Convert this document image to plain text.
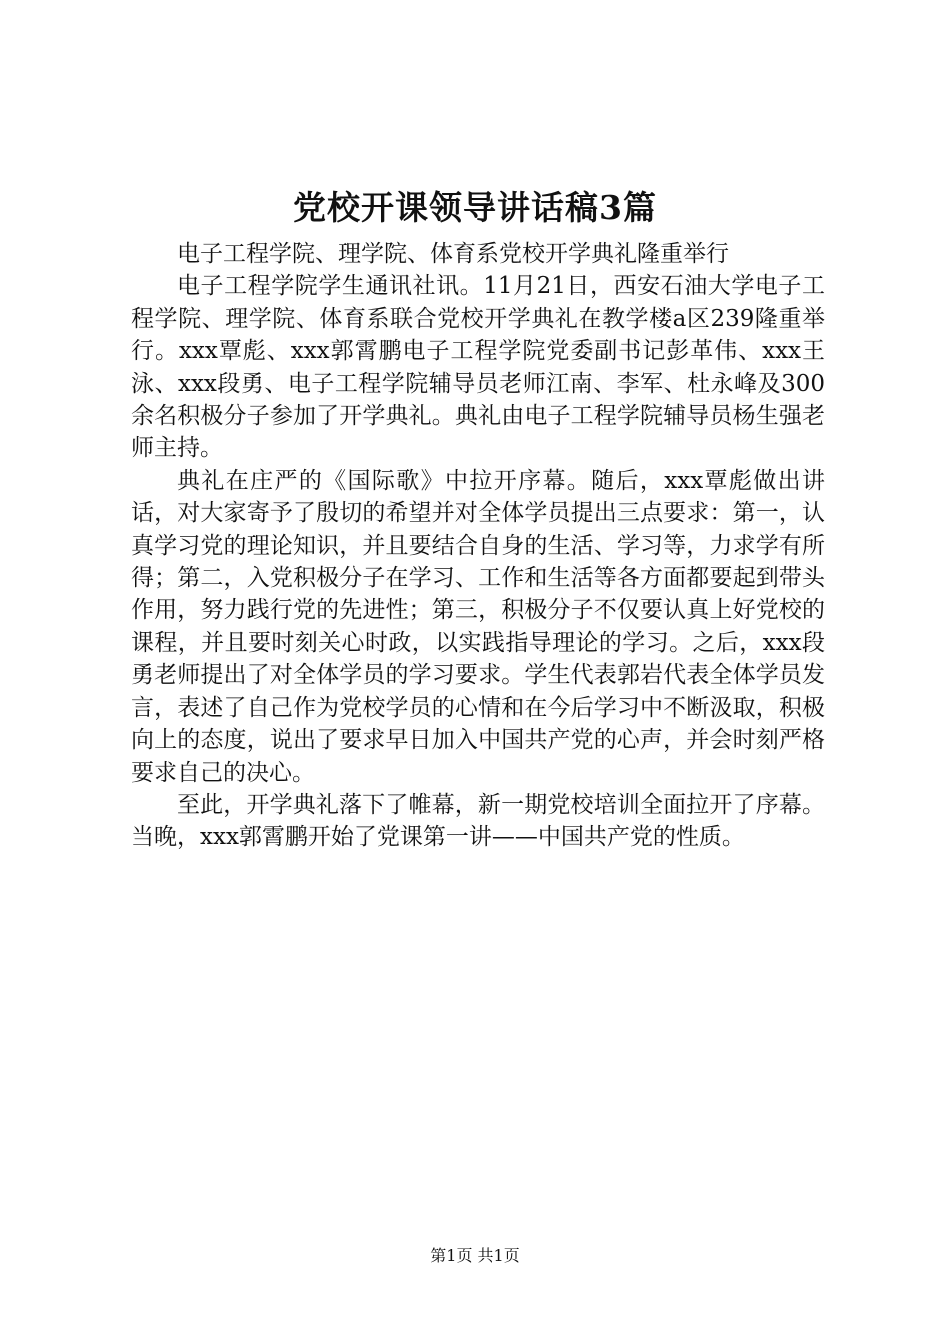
党校开课领导讲话稿3篇

电子工程学院、理学院、体育系党校开学典礼隆重举行

电子工程学院学生通讯社讯。11月21日，西安石油大学电子工程学院、理学院、体育系联合党校开学典礼在教学楼a区239隆重举行。xxx覃彪、xxx郭霄鹏电子工程学院党委副书记彭革伟、xxx王泳、xxx段勇、电子工程学院辅导员老师江南、李军、杜永峰及300余名积极分子参加了开学典礼。典礼由电子工程学院辅导员杨生强老师主持。

典礼在庄严的《国际歌》中拉开序幕。随后，xxx覃彪做出讲话，对大家寄予了殷切的希望并对全体学员提出三点要求：第一，认真学习党的理论知识，并且要结合自身的生活、学习等，力求学有所得；第二，入党积极分子在学习、工作和生活等各方面都要起到带头作用，努力践行党的先进性；第三，积极分子不仅要认真上好党校的课程，并且要时刻关心时政，以实践指导理论的学习。之后，xxx段勇老师提出了对全体学员的学习要求。学生代表郭岩代表全体学员发言，表述了自己作为党校学员的心情和在今后学习中不断汲取，积极向上的态度，说出了要求早日加入中国共产党的心声，并会时刻严格要求自己的决心。

至此，开学典礼落下了帷幕，新一期党校培训全面拉开了序幕。当晚，xxx郭霄鹏开始了党课第一讲——中国共产党的性质。

第1页 共1页
